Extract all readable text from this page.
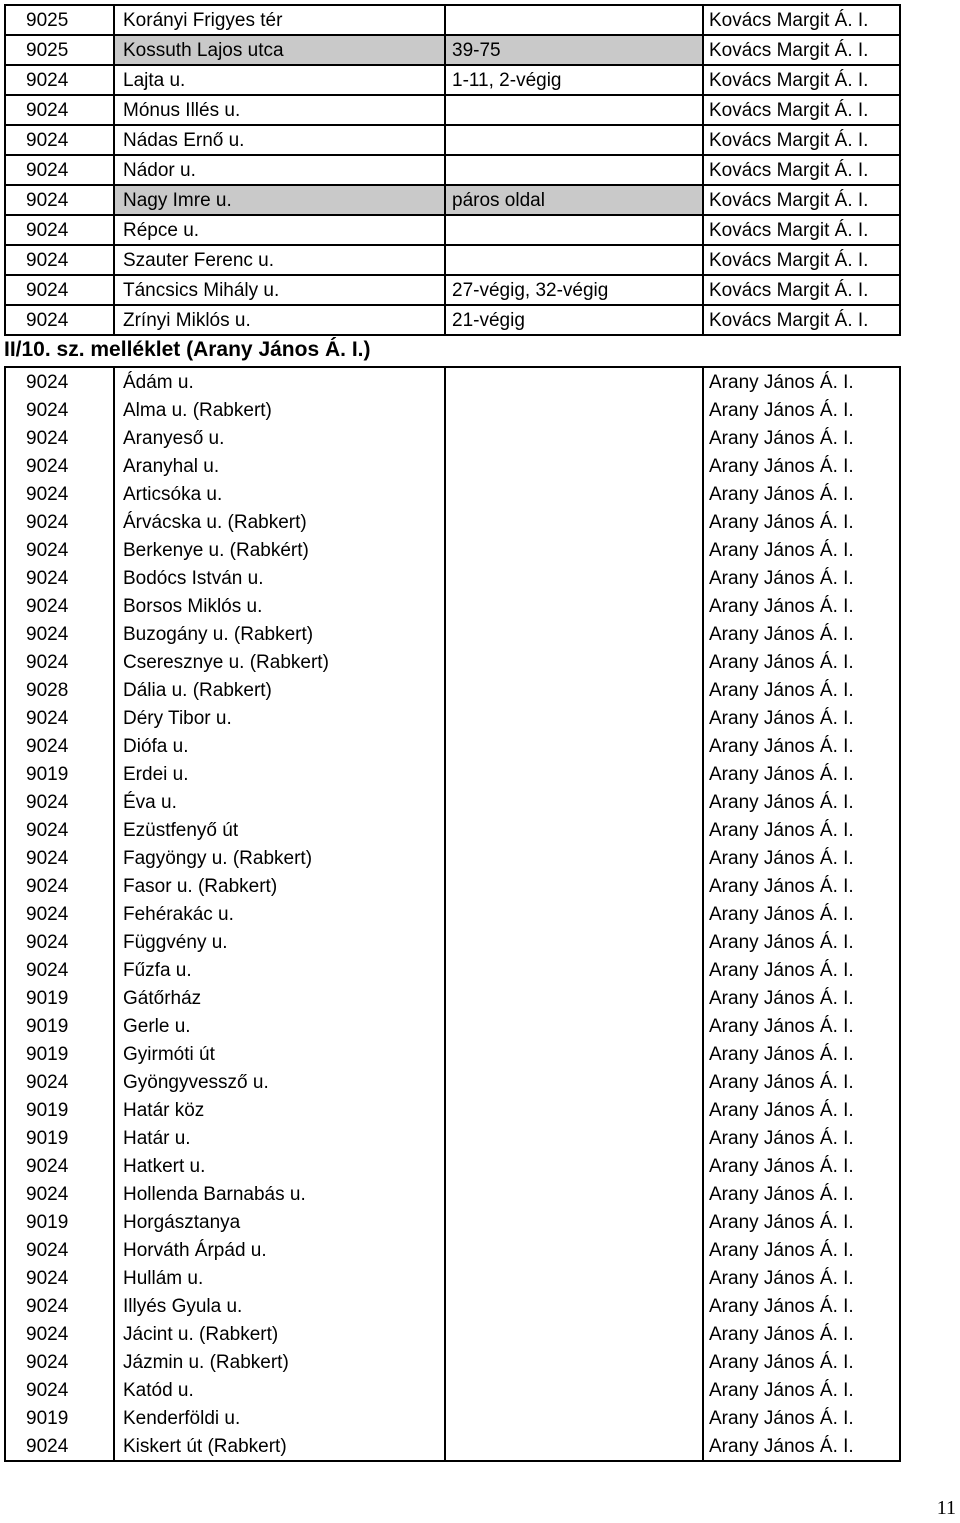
9025	Korányi Frigyes tér		Kovács Margit Á. I.
9025	Kossuth Lajos utca	39-75	Kovács Margit Á. I.
9024	Lajta u.	1-11, 2-végig	Kovács Margit Á. I.
9024	Mónus Illés u.		Kovács Margit Á. I.
9024	Nádas Ernő u.		Kovács Margit Á. I.
9024	Nádor u.		Kovács Margit Á. I.
9024	Nagy Imre u.	páros oldal	Kovács Margit Á. I.
9024	Répce u.		Kovács Margit Á. I.
9024	Szauter Ferenc u.		Kovács Margit Á. I.
9024	Táncsics Mihály u.	27-végig, 32-végig	Kovács Margit Á. I.
9024	Zrínyi Miklós u.	21-végig	Kovács Margit Á. I.
II/10. sz. melléklet (Arany János Á. I.)
9024	Ádám u.		Arany János Á. I.
9024	Alma u. (Rabkert)		Arany János Á. I.
9024	Aranyeső u.		Arany János Á. I.
9024	Aranyhal u.		Arany János Á. I.
9024	Articsóka u.		Arany János Á. I.
9024	Árvácska u. (Rabkert)		Arany János Á. I.
9024	Berkenye u. (Rabkért)		Arany János Á. I.
9024	Bodócs István u.		Arany János Á. I.
9024	Borsos Miklós u.		Arany János Á. I.
9024	Buzogány u. (Rabkert)		Arany János Á. I.
9024	Cseresznye u. (Rabkert)		Arany János Á. I.
9028	Dália u. (Rabkert)		Arany János Á. I.
9024	Déry Tibor u.		Arany János Á. I.
9024	Diófa u.		Arany János Á. I.
9019	Erdei u.		Arany János Á. I.
9024	Éva u.		Arany János Á. I.
9024	Ezüstfenyő út		Arany János Á. I.
9024	Fagyöngy u. (Rabkert)		Arany János Á. I.
9024	Fasor u. (Rabkert)		Arany János Á. I.
9024	Fehérakác u.		Arany János Á. I.
9024	Függvény u.		Arany János Á. I.
9024	Fűzfa u.		Arany János Á. I.
9019	Gátőrház		Arany János Á. I.
9019	Gerle u.		Arany János Á. I.
9019	Gyirmóti út		Arany János Á. I.
9024	Gyöngyvessző u.		Arany János Á. I.
9019	Határ köz		Arany János Á. I.
9019	Határ u.		Arany János Á. I.
9024	Hatkert u.		Arany János Á. I.
9024	Hollenda Barnabás u.		Arany János Á. I.
9019	Horgásztanya		Arany János Á. I.
9024	Horváth Árpád u.		Arany János Á. I.
9024	Hullám u.		Arany János Á. I.
9024	Illyés Gyula u.		Arany János Á. I.
9024	Jácint u. (Rabkert)		Arany János Á. I.
9024	Jázmin u. (Rabkert)		Arany János Á. I.
9024	Katód u.		Arany János Á. I.
9019	Kenderföldi u.		Arany János Á. I.
9024	Kiskert út (Rabkert)		Arany János Á. I.
11
